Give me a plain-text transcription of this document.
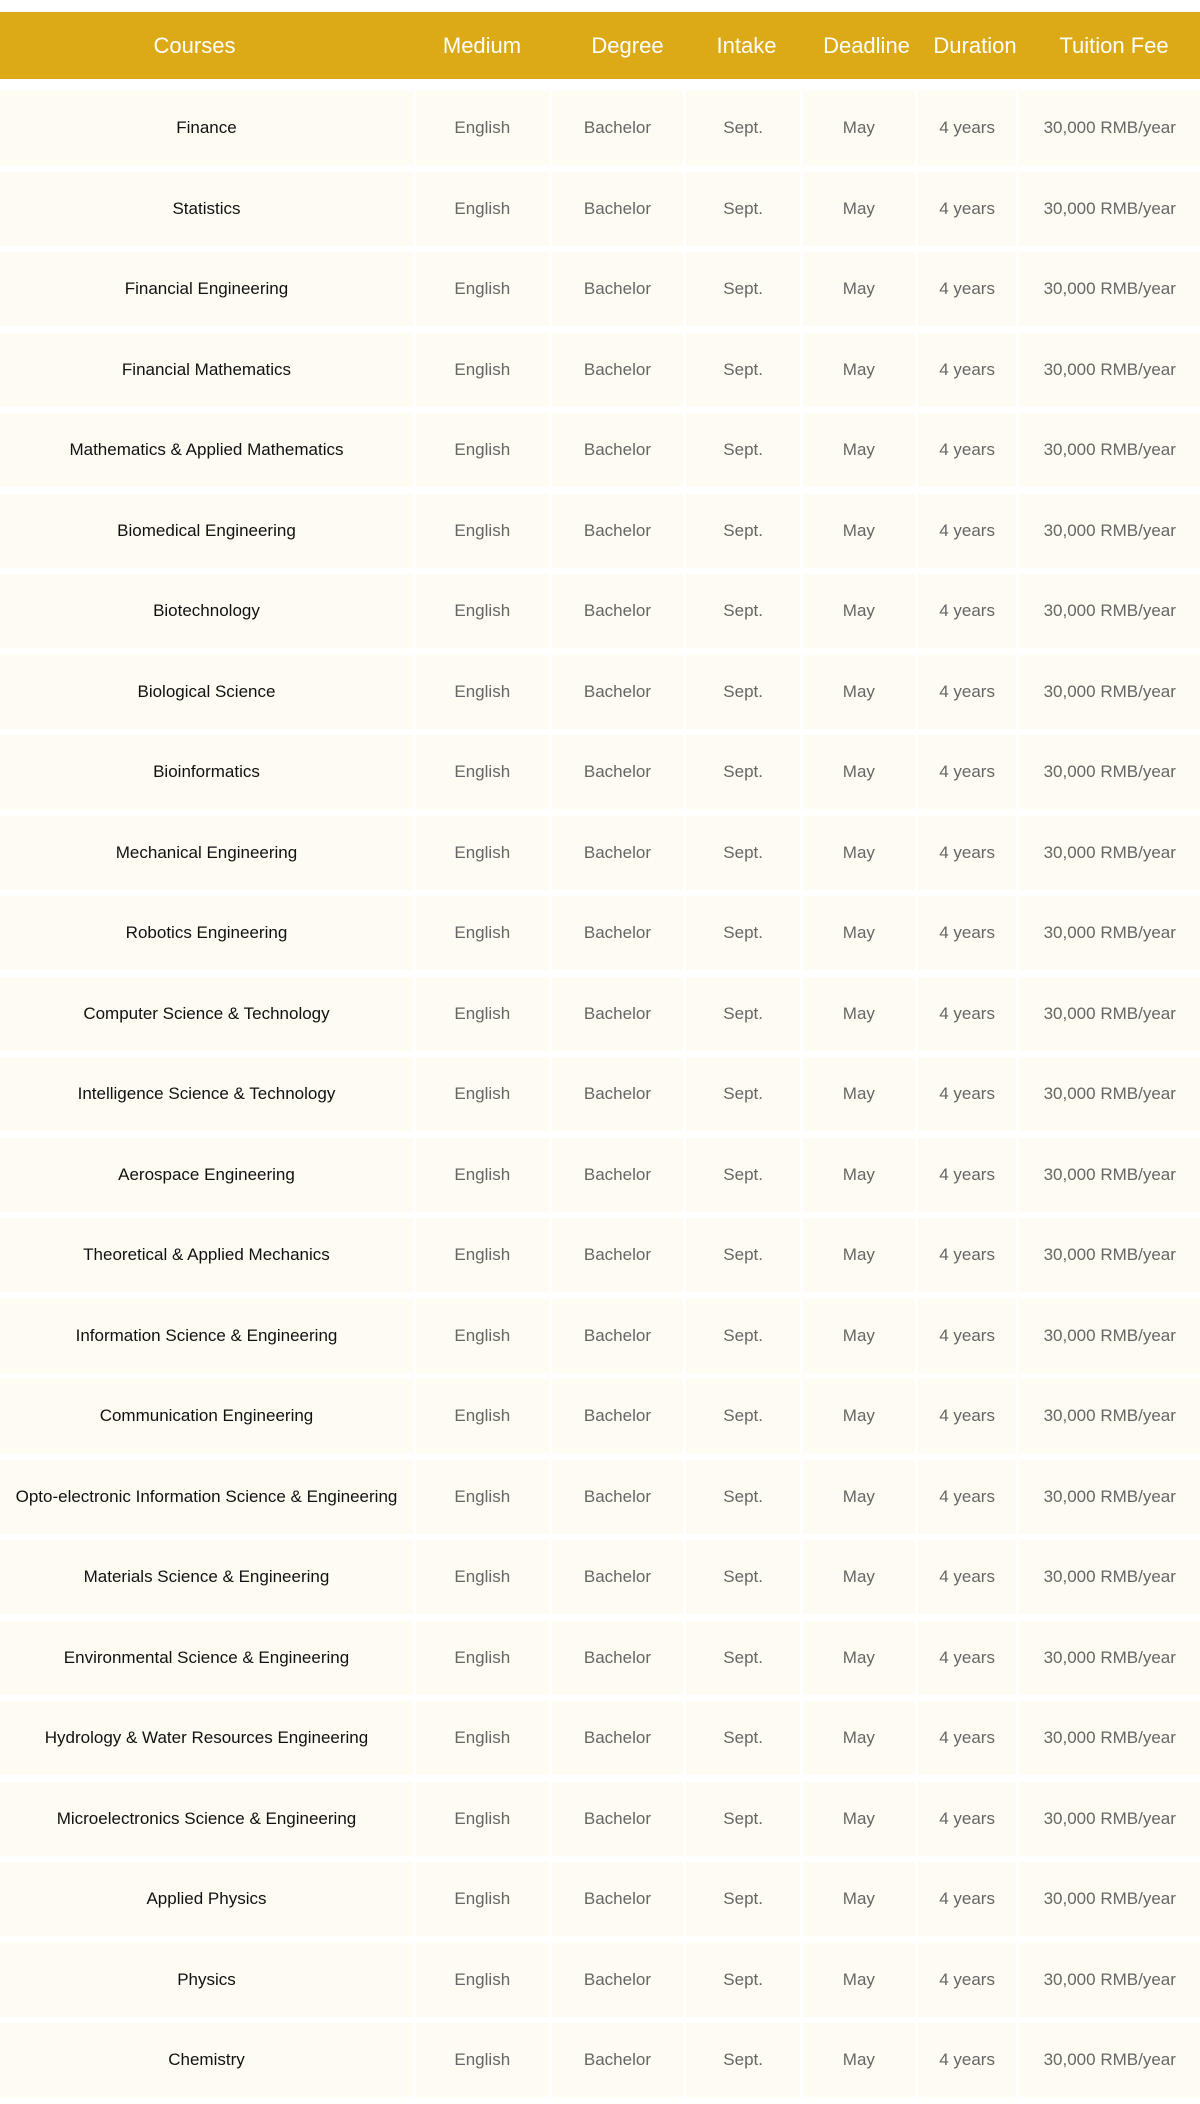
Courses	Medium	Degree	Intake	Deadline	Duration	Tuition Fee
Finance	English	Bachelor	Sept.	May	4 years	30,000 RMB/year
Statistics	English	Bachelor	Sept.	May	4 years	30,000 RMB/year
Financial Engineering	English	Bachelor	Sept.	May	4 years	30,000 RMB/year
Financial Mathematics	English	Bachelor	Sept.	May	4 years	30,000 RMB/year
Mathematics & Applied Mathematics	English	Bachelor	Sept.	May	4 years	30,000 RMB/year
Biomedical Engineering	English	Bachelor	Sept.	May	4 years	30,000 RMB/year
Biotechnology	English	Bachelor	Sept.	May	4 years	30,000 RMB/year
Biological Science	English	Bachelor	Sept.	May	4 years	30,000 RMB/year
Bioinformatics	English	Bachelor	Sept.	May	4 years	30,000 RMB/year
Mechanical Engineering	English	Bachelor	Sept.	May	4 years	30,000 RMB/year
Robotics Engineering	English	Bachelor	Sept.	May	4 years	30,000 RMB/year
Computer Science & Technology	English	Bachelor	Sept.	May	4 years	30,000 RMB/year
Intelligence Science & Technology	English	Bachelor	Sept.	May	4 years	30,000 RMB/year
Aerospace Engineering	English	Bachelor	Sept.	May	4 years	30,000 RMB/year
Theoretical & Applied Mechanics	English	Bachelor	Sept.	May	4 years	30,000 RMB/year
Information Science & Engineering	English	Bachelor	Sept.	May	4 years	30,000 RMB/year
Communication Engineering	English	Bachelor	Sept.	May	4 years	30,000 RMB/year
Opto-electronic Information Science & Engineering	English	Bachelor	Sept.	May	4 years	30,000 RMB/year
Materials Science & Engineering	English	Bachelor	Sept.	May	4 years	30,000 RMB/year
Environmental Science & Engineering	English	Bachelor	Sept.	May	4 years	30,000 RMB/year
Hydrology & Water Resources Engineering	English	Bachelor	Sept.	May	4 years	30,000 RMB/year
Microelectronics Science & Engineering	English	Bachelor	Sept.	May	4 years	30,000 RMB/year
Applied Physics	English	Bachelor	Sept.	May	4 years	30,000 RMB/year
Physics	English	Bachelor	Sept.	May	4 years	30,000 RMB/year
Chemistry	English	Bachelor	Sept.	May	4 years	30,000 RMB/year
